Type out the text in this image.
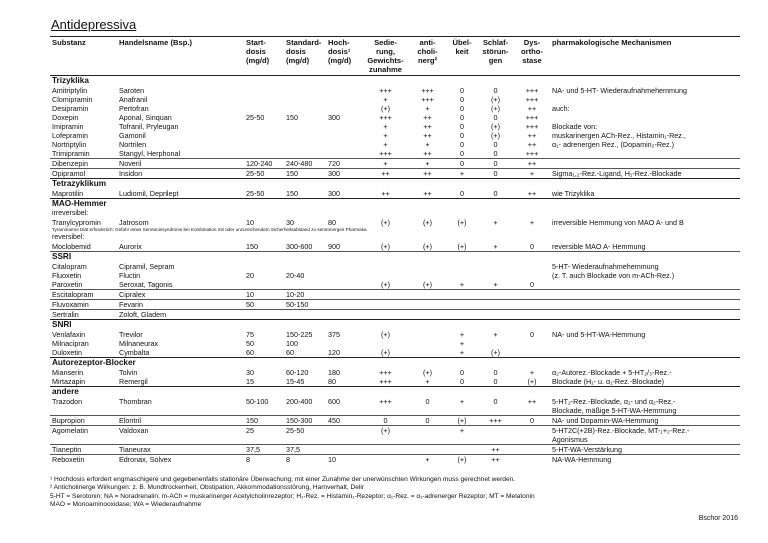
Antidepressiva
Substanz	Handelsname (Bsp.)	Start-dosis (mg/d)	Standard-dosis (mg/d)	Hoch-dosis¹ (mg/d)	Sedie-rung, Gewichts-zunahme	anti-choli-nerg²	Übel-keit	Schlaf-störun-gen	Dys-ortho-stase	pharmakologische Mechanismen
Trizyklika										
Amitriptylin	Saroten				+++	+++	0	0	+++	NA- und 5-HT- Wiederaufnahmehemmung
Clomipramin	Anafranil				+	+++	0	(+)	+++	
Desipramin	Pertofran				(+)	+	0	(+)	++	auch:
Doxepin	Aponal, Sinquan	25-50	150	300	+++	++	0	0	+++	
Imipramin	Tofranil, Pryleugan				+	++	0	(+)	+++	Blockade von:
Lofepramin	Gamonil				+	++	0	(+)	++	muskarinergen ACh-Rez., Histamin₁-Rez.,
Nortriptylin	Nortrilen				+	+	0	0	++	α₁- adrenergen Rez., (Dopamin₂-Rez.)
Trimipramin	Stangyl, Herphonal				+++	++	0	0	+++	
Dibenzepin	Noveril	120-240	240-480	720	+	+	0	0	++	
Opipramol	Insidon	25-50	150	300	++	++	+	0	+	Sigma₁,₂-Rez.-Ligand, H₁-Rez.-Blockade
Tetrazyklikum										
Maprotilin	Ludiomil, Deprilept	25-50	150	300	++	++	0	0	++	wie Trizyklika
MAO-Hemmer										
irreversibel:										
Tranylcypromin	Jatrosom	10	30	80	(+)	(+)	(+)	+	+	irreversible Hemmung von MAO A- und B
Tyraminarme Diät erforderlich: Gefahr eines Serotoninsyndroms bei Kombination mit oder unzureichendem Sicherheitsabstand zu serotonergen Pharmaka										
reversibel:										
Moclobemid	Aurorix	150	300-600	900	(+)	(+)	(+)	+	0	reversible MAO A- Hemmung
SSRI										
Citalopram	Cipramil, Sepram									5-HT- Wiederaufnahmehemmung
Fluoxetin	Fluctin	20	20-40							(z. T. auch Blockade von m-ACh-Rez.)
Paroxetin	Seroxat, Tagonis				(+)	(+)	+	+	0	
Escitalopram	Cipralex	10	10-20							
Fluvoxamin	Fevarin	50	50-150							
Sertralin	Zoloft, Gladem									
SNRI										
Venlafaxin	Trevilor	75	150-225	375	(+)		+	+	0	NA- und 5-HT-WA-Hemmung
Milnacipran	Milnaneurax	50	100				+			
Duloxetin	Cymbalta	60	60	120	(+)		+	(+)		
Autorezeptor-Blocker										
Mianserin	Tolvin	30	60-120	180	+++	(+)	0	0	+	α₂-Autorez.-Blockade + 5-HT₂/₃-Rez.-
Mirtazapin	Remergil	15	15-45	80	+++	+	0	0	(+)	Blockade (H₁- u. α₁-Rez.-Blockade)
andere										
Trazodon	Thombran	50-100	200-400	600	+++	0	+	0	++	5-HT₂-Rez.-Blockade, α₁- und α₂-Rez.-
										Blockade, mäßige 5-HT-WA-Hemmung
Bupropion	Elontril	150	150-300	450	0	0	(+)	+++	0	NA- und Dopamin-WA-Hemmung
Agomelatin	Valdoxan	25	25-50		(+)		+			5-HT2C(+2B)-Rez.-Blockade, MT-₁+₂-Rez.-
										Agonismus
Tianeptin	Tianeurax	37,5	37,5					++		5-HT-WA-Verstärkung
Reboxetin	Edronax, Solvex	8	8	10		+	(+)	++		NA-WA-Hemmung
¹ Hochdosis erfordert engmaschigere und gegebenenfalls stationäre Überwachung; mit einer Zunahme der unerwünschten Wirkungen muss gerechnet werden.
² Anticholinerge Wirkungen: z. B. Mundtrockenheit, Obstipation, Akkommodationsstörung, Harnverhalt, Delir
5-HT = Serotonin; NA = Noradrenalin; m-ACh = muskarinerger Acetylcholinrezeptor; H₁-Rez. = Histamin₁-Rezeptor; α₁-Rez. = α₁-adrenerger Rezeptor; MT = Melatonin
MAO = Monoaminooxidase; WA = Wiederaufnahme
Bschor 2016
